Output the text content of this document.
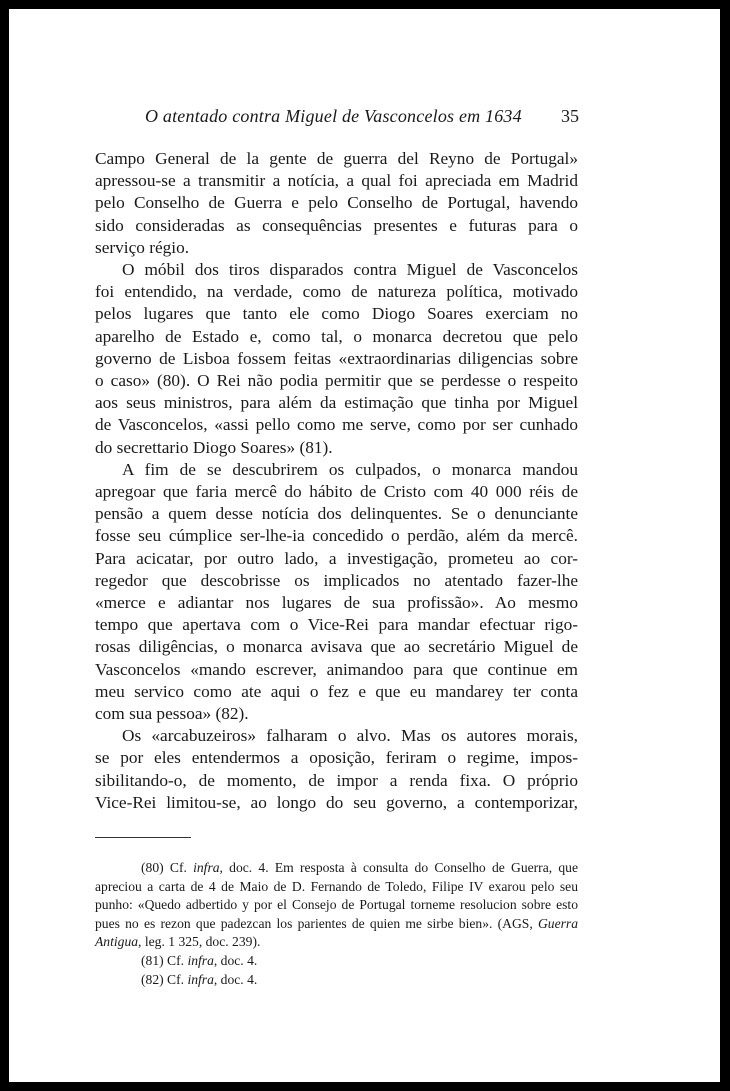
O atentado contra Miguel de Vasconcelos em 1634 35

Campo General de la gente de guerra del Reyno de Portugal»

apressou-se a transmitir a notícia, a qual foi apreciada em Madrid

pelo Conselho de Guerra e pelo Conselho de Portugal, havendo

sido consideradas as consequências presentes e futuras para o

serviço régio.

O móbil dos tiros disparados contra Miguel de Vasconcelos

foi entendido, na verdade, como de natureza política, motivado

pelos lugares que tanto ele como Diogo Soares exerciam no

aparelho de Estado e, como tal, o monarca decretou que pelo

governo de Lisboa fossem feitas «extraordinarias diligencias sobre

o caso» (80). O Rei não podia permitir que se perdesse o respeito

aos seus ministros, para além da estimação que tinha por Miguel

de Vasconcelos, «assi pello como me serve, como por ser cunhado

do secrettario Diogo Soares» (81).

A fim de se descubrirem os culpados, o monarca mandou

apregoar que faria mercê do hábito de Cristo com 40 000 réis de

pensão a quem desse notícia dos delinquentes. Se o denunciante

fosse seu cúmplice ser-lhe-ia concedido o perdão, além da mercê.

Para acicatar, por outro lado, a investigação, prometeu ao cor-

regedor que descobrisse os implicados no atentado fazer-lhe

«merce e adiantar nos lugares de sua profissão». Ao mesmo

tempo que apertava com o Vice-Rei para mandar efectuar rigo-

rosas diligências, o monarca avisava que ao secretário Miguel de

Vasconcelos «mando escrever, animandoo para que continue em

meu servico como ate aqui o fez e que eu mandarey ter conta

com sua pessoa» (82).

Os «arcabuzeiros» falharam o alvo. Mas os autores morais,

se por eles entendermos a oposição, feriram o regime, impos-

sibilitando-o, de momento, de impor a renda fixa. O próprio

Vice-Rei limitou-se, ao longo do seu governo, a contemporizar,

(80) Cf. infra, doc. 4. Em resposta à consulta do Conselho de Guerra, que apreciou a carta de 4 de Maio de D. Fernando de Toledo, Filipe IV exarou pelo seu punho: «Quedo adbertido y por el Consejo de Portugal torneme resolucion sobre esto pues no es rezon que padezcan los parientes de quien me sirbe bien». (AGS, Guerra Antigua, leg. 1 325, doc. 239).

(81) Cf. infra, doc. 4.

(82) Cf. infra, doc. 4.
